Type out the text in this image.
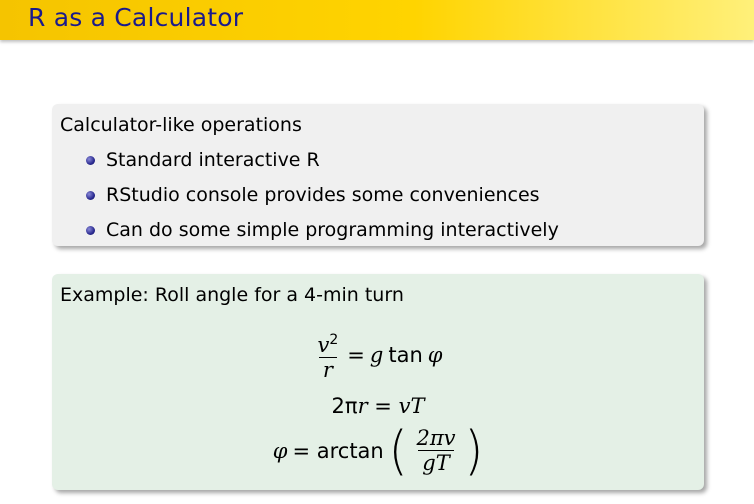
R as a Calculator
Calculator-like operations
Standard interactive R
RStudio console provides some conveniences
Can do some simple programming interactively
Example: Roll angle for a 4-min turn
$\frac{v^2}{r} = g$ tan φ
2πr = vT
φ = arctan ( $\frac{2\pi v}{gT}$ )
